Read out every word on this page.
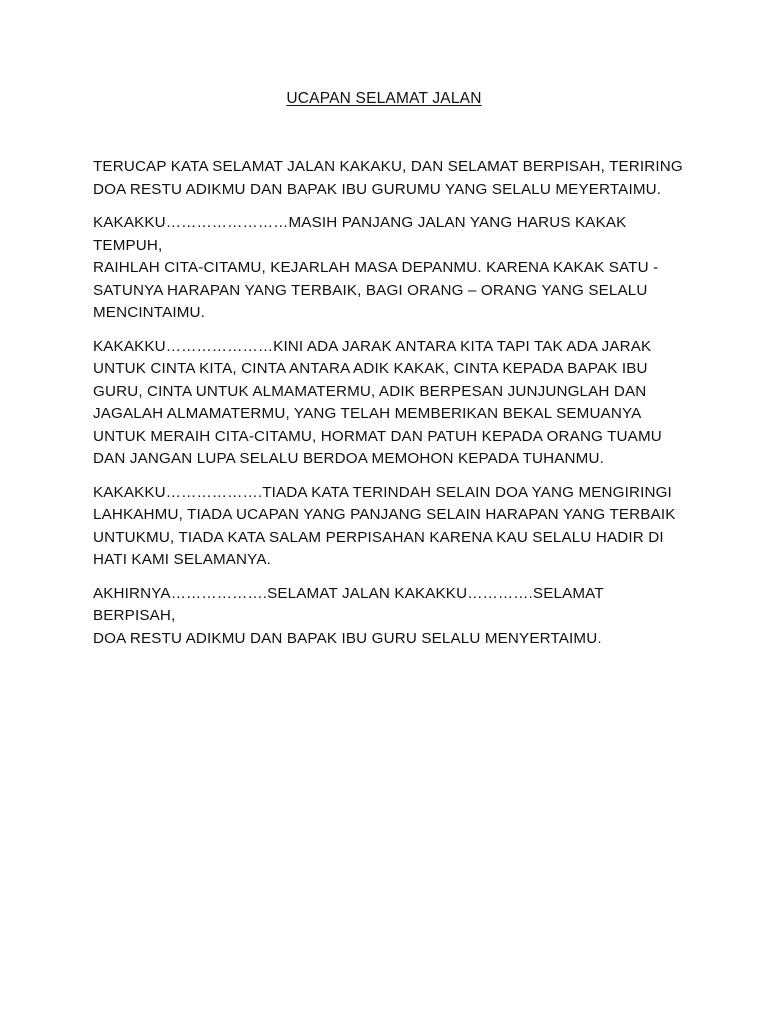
UCAPAN SELAMAT JALAN

TERUCAP KATA SELAMAT JALAN KAKAKU, DAN SELAMAT BERPISAH, TERIRING
DOA RESTU ADIKMU DAN BAPAK IBU GURUMU YANG SELALU MEYERTAIMU.

KAKAKKU……………………MASIH PANJANG JALAN YANG HARUS KAKAK TEMPUH,
RAIHLAH CITA-CITAMU, KEJARLAH MASA DEPANMU. KARENA KAKAK SATU -
SATUNYA HARAPAN YANG TERBAIK, BAGI ORANG – ORANG YANG SELALU
MENCINTAIMU.

KAKAKKU…………………KINI ADA JARAK ANTARA KITA TAPI TAK ADA JARAK
UNTUK CINTA KITA, CINTA ANTARA ADIK KAKAK, CINTA KEPADA BAPAK IBU
GURU, CINTA UNTUK ALMAMATERMU, ADIK BERPESAN JUNJUNGLAH DAN
JAGALAH ALMAMATERMU, YANG TELAH MEMBERIKAN BEKAL SEMUANYA
UNTUK MERAIH CITA-CITAMU, HORMAT DAN PATUH KEPADA ORANG TUAMU
DAN JANGAN LUPA SELALU BERDOA MEMOHON KEPADA TUHANMU.

KAKAKKU……………….TIADA KATA TERINDAH SELAIN DOA YANG MENGIRINGI
LAHKAHMU, TIADA UCAPAN YANG PANJANG SELAIN HARAPAN YANG TERBAIK
UNTUKMU, TIADA KATA SALAM PERPISAHAN KARENA KAU SELALU HADIR DI
HATI KAMI SELAMANYA.

AKHIRNYA……………….SELAMAT JALAN KAKAKKU………….SELAMAT BERPISAH,
DOA RESTU ADIKMU DAN BAPAK IBU GURU SELALU MENYERTAIMU.
